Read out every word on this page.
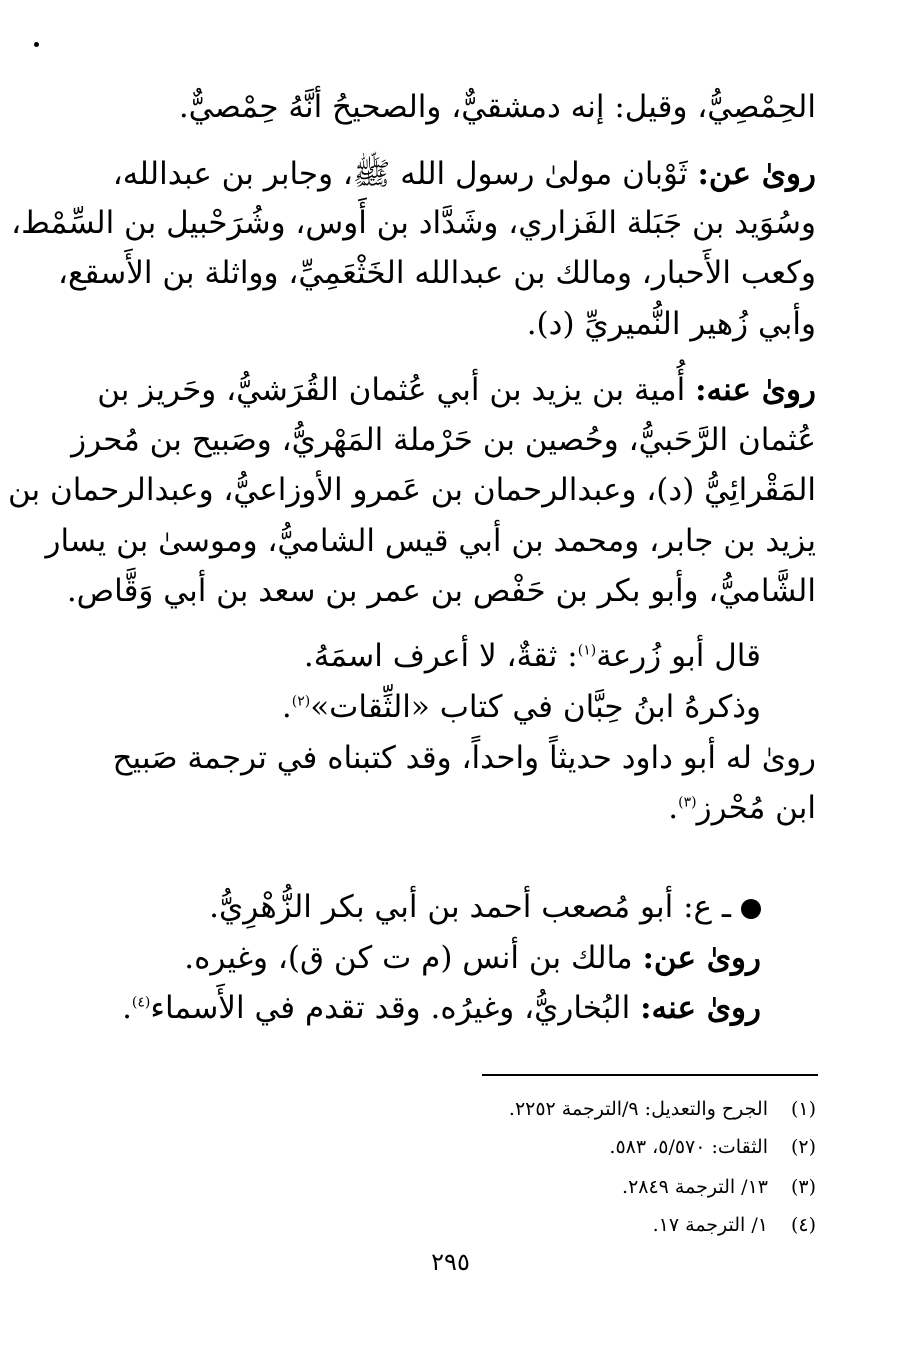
الحِمْصِيُّ، وقيل: إنه دمشقيٌّ، والصحيحُ أنَّهُ حِمْصيٌّ.
روىٰ عن: ثَوْبان مولىٰ رسول الله ﷺ، وجابر بن عبدالله،
وسُوَيد بن جَبَلة الفَزاري، وشَدَّاد بن أَوس، وشُرَحْبيل بن السِّمْط،
وكعب الأَحبار، ومالك بن عبدالله الخَثْعَمِيِّ، وواثلة بن الأَسقع،
وأبي زُهير النُّميريِّ (د).
روىٰ عنه: أُمية بن يزيد بن أبي عُثمان القُرَشيُّ، وحَريز بن
عُثمان الرَّحَبيُّ، وحُصين بن حَرْملة المَهْريُّ، وصَبيح بن مُحرز
المَقْرائِيُّ (د)، وعبدالرحمان بن عَمرو الأوزاعيُّ، وعبدالرحمان بن
يزيد بن جابر، ومحمد بن أبي قيس الشاميُّ، وموسىٰ بن يسار
الشَّاميُّ، وأبو بكر بن حَفْص بن عمر بن سعد بن أبي وَقَّاص.
قال أبو زُرعة$^{(١)}$: ثقةٌ، لا أعرف اسمَهُ.
وذكرهُ ابنُ حِبَّان في كتاب «الثِّقات»$^{(٢)}$.
روىٰ له أبو داود حديثاً واحداً، وقد كتبناه في ترجمة صَبيح
ابن مُحْرز$^{(٣)}$.
ـ ع: أبو مُصعب أحمد بن أبي بكر الزُّهْرِيُّ.
روىٰ عن: مالك بن أنس (م ت كن ق)، وغيره.
روىٰ عنه: البُخاريُّ، وغيرُه. وقد تقدم في الأَسماء$^{(٤)}$.
(١)الجرح والتعديل: ٩/الترجمة ٢٢٥٢.
(٢)الثقات: ٥/٥٧٠، ٥٨٣.
(٣)١٣/ الترجمة ٢٨٤٩.
(٤)١/ الترجمة ١٧.
٢٩٥
